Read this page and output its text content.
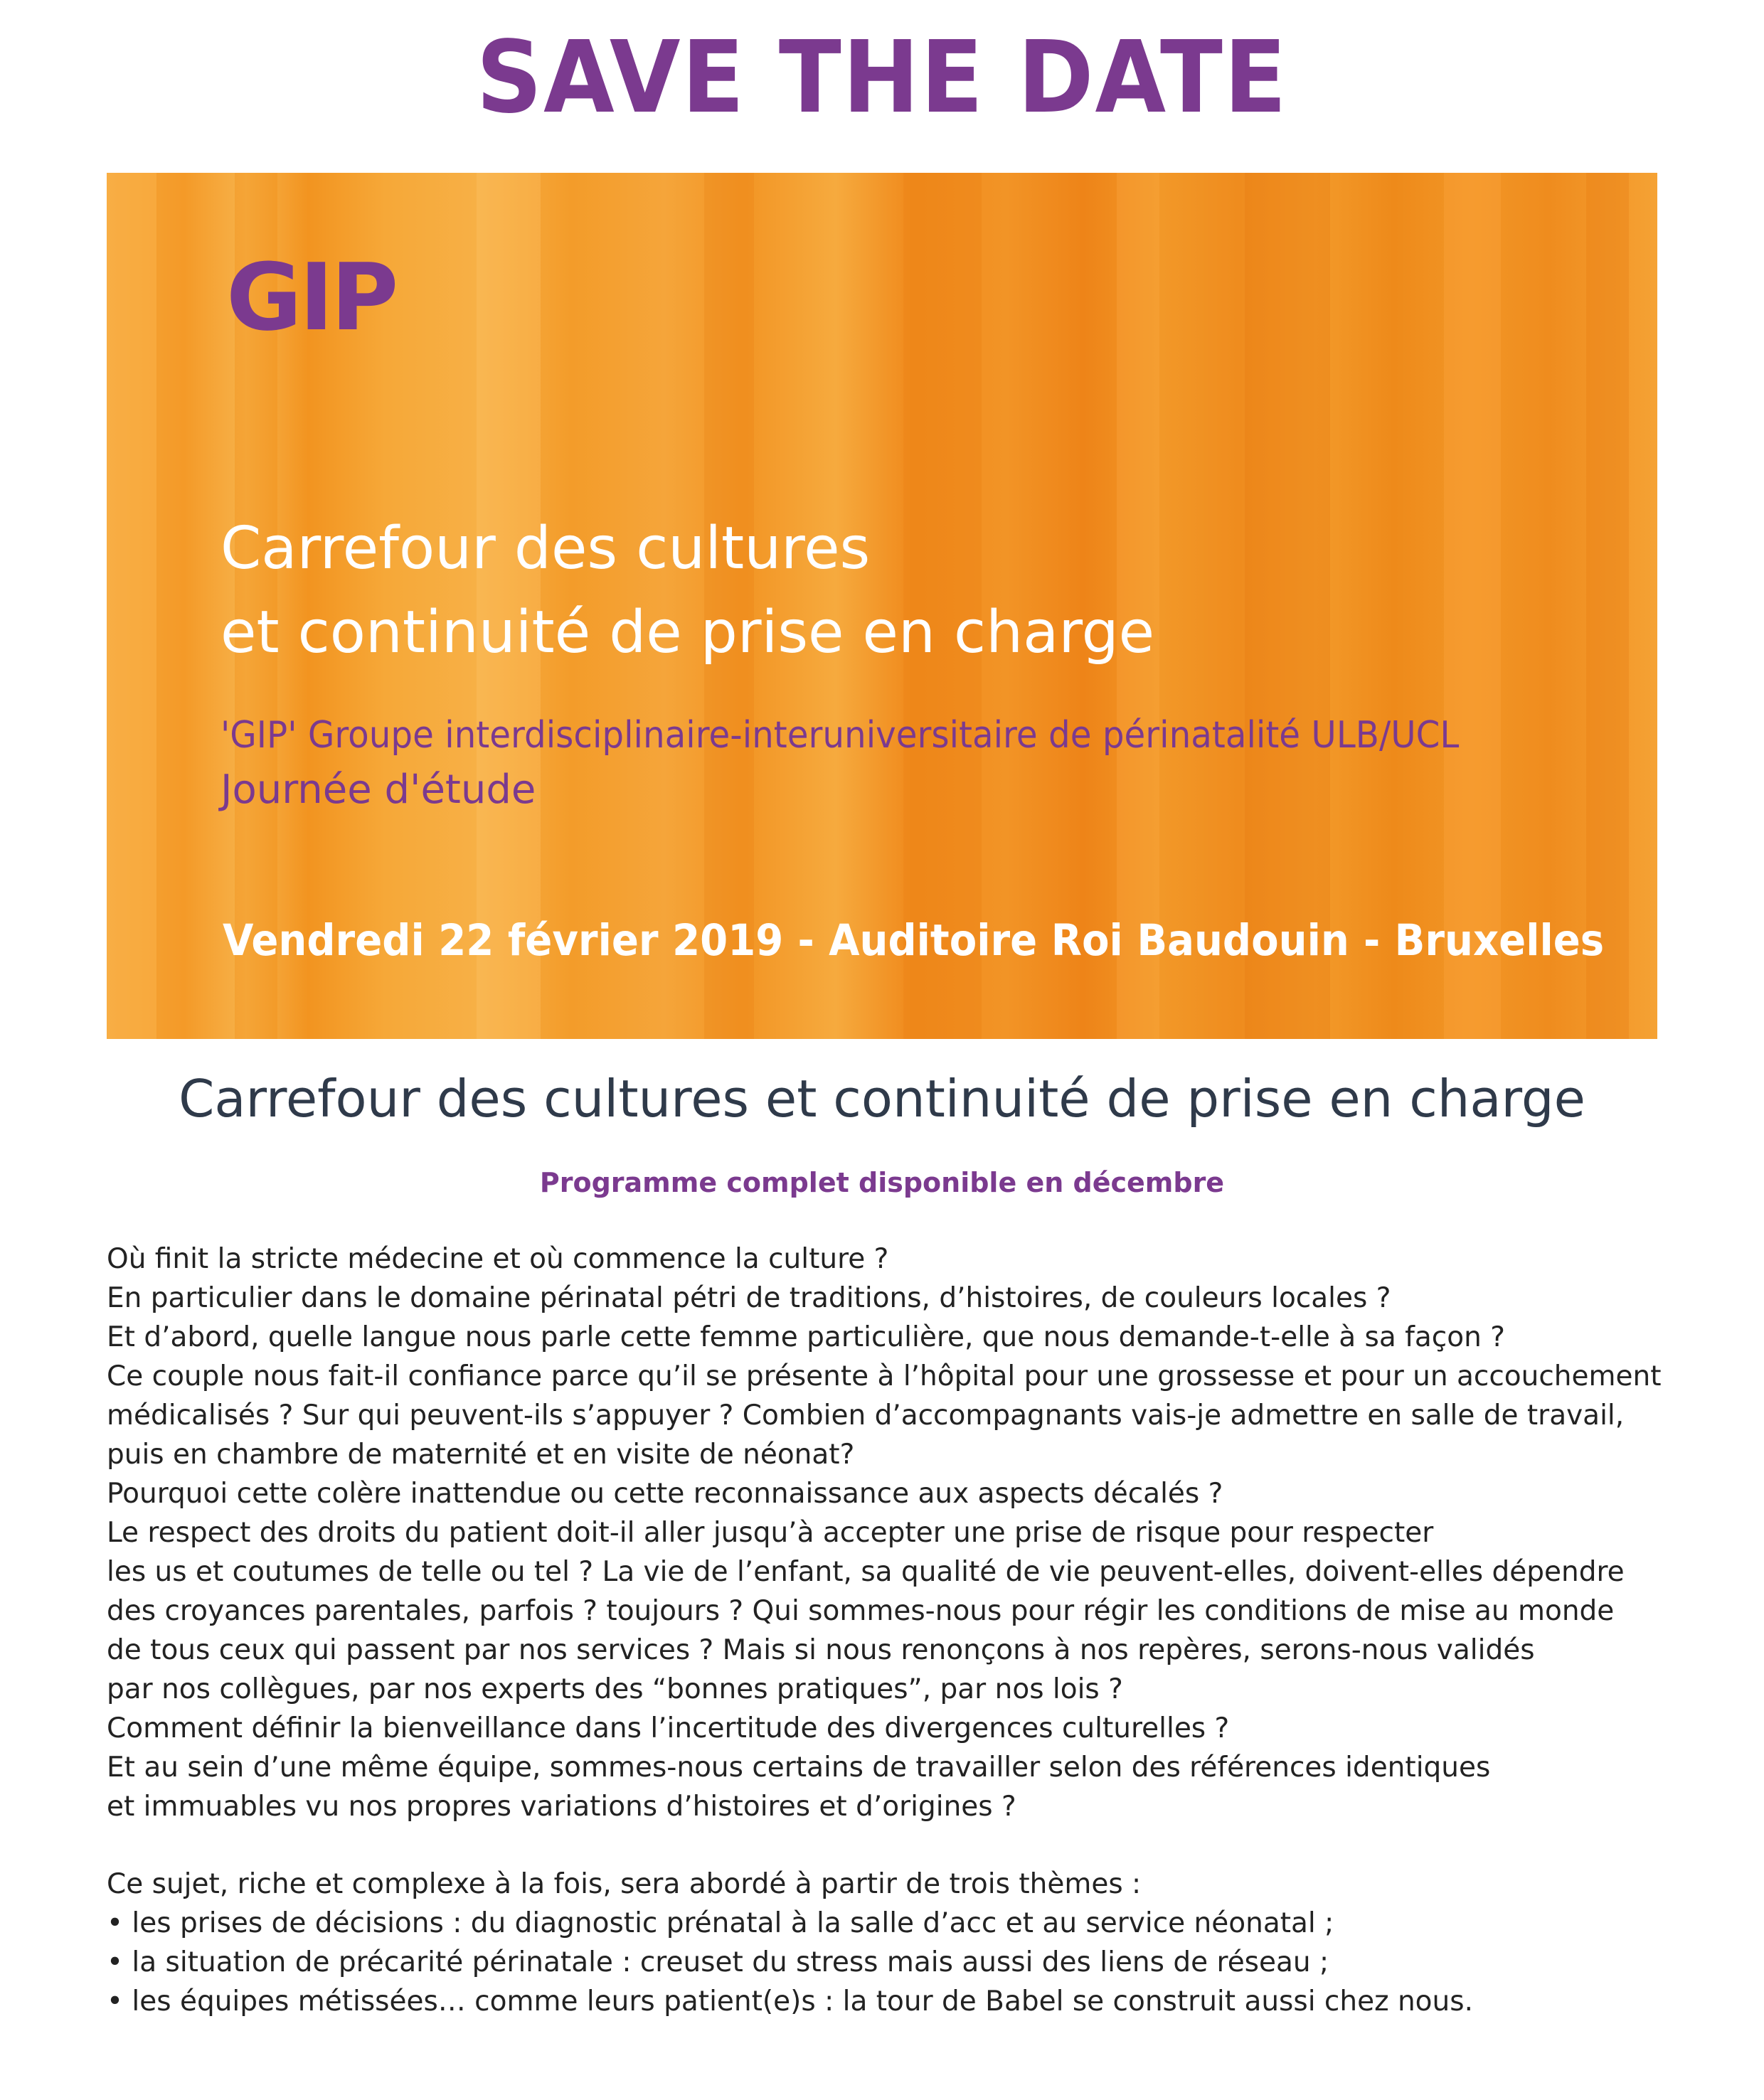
SAVE THE DATE
GIP
Carrefour des cultures
et continuité de prise en charge
'GIP' Groupe interdisciplinaire-interuniversitaire de périnatalité ULB/UCL
Journée d'étude
Vendredi 22 février 2019 - Auditoire Roi Baudouin - Bruxelles
Carrefour des cultures et continuité de prise en charge
Programme complet disponible en décembre
Où finit la stricte médecine et où commence la culture ?
En particulier dans le domaine périnatal pétri de traditions, d’histoires, de couleurs locales ?
Et d’abord, quelle langue nous parle cette femme particulière, que nous demande-t-elle à sa façon ?
Ce couple nous fait-il confiance parce qu’il se présente à l’hôpital pour une grossesse et pour un accouchement
médicalisés ? Sur qui peuvent-ils s’appuyer ? Combien d’accompagnants vais-je admettre en salle de travail,
puis en chambre de maternité et en visite de néonat?
Pourquoi cette colère inattendue ou cette reconnaissance aux aspects décalés ?
Le respect des droits du patient doit-il aller jusqu’à accepter une prise de risque pour respecter
les us et coutumes de telle ou tel ? La vie de l’enfant, sa qualité de vie peuvent-elles, doivent-elles dépendre
des croyances parentales, parfois ? toujours ? Qui sommes-nous pour régir les conditions de mise au monde
de tous ceux qui passent par nos services ? Mais si nous renonçons à nos repères, serons-nous validés
par nos collègues, par nos experts des “bonnes pratiques”, par nos lois ?
Comment définir la bienveillance dans l’incertitude des divergences culturelles ?
Et au sein d’une même équipe, sommes-nous certains de travailler selon des références identiques
et immuables vu nos propres variations d’histoires et d’origines ?
Ce sujet, riche et complexe à la fois, sera abordé à partir de trois thèmes :
• les prises de décisions : du diagnostic prénatal à la salle d’acc et au service néonatal ;
• la situation de précarité périnatale : creuset du stress mais aussi des liens de réseau ;
• les équipes métissées… comme leurs patient(e)s : la tour de Babel se construit aussi chez nous.
